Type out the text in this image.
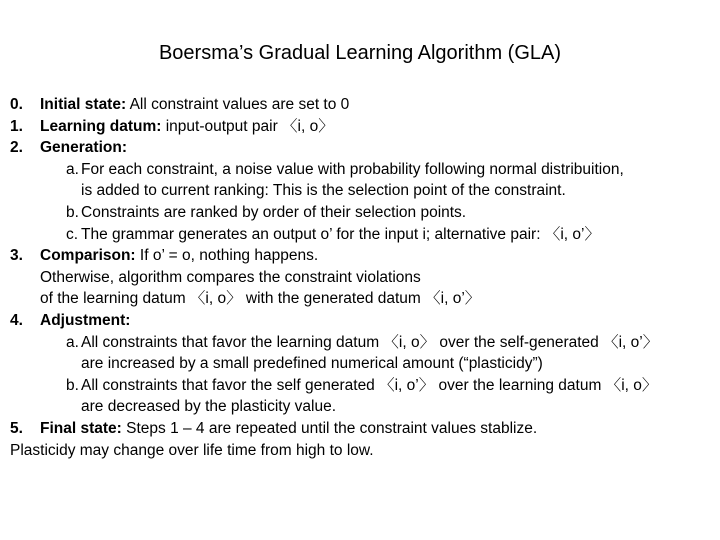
Boersma’s Gradual Learning Algorithm (GLA)
0. Initial state: All constraint values are set to 0
1. Learning datum: input-output pair 〈i, o〉
2. Generation:
a. For each constraint, a noise value with probability following normal distribuition,
is added to current ranking: This is the selection point of the constraint.
b. Constraints are ranked by order of their selection points.
c. The grammar generates an output o’ for the input i; alternative pair: 〈i, o’〉
3. Comparison: If o’ = o, nothing happens.
Otherwise, algorithm compares the constraint violations
of the learning datum 〈i, o〉 with the generated datum 〈i, o’〉
4. Adjustment:
a. All constraints that favor the learning datum 〈i, o〉 over the self-generated 〈i, o’〉
are increased by a small predefined numerical amount (“plasticidy”)
b. All constraints that favor the self generated 〈i, o’〉 over the learning datum 〈i, o〉
are decreased by the plasticity value.
5. Final state: Steps 1 – 4 are repeated until the constraint values stablize.
Plasticidy may change over life time from high to low.
